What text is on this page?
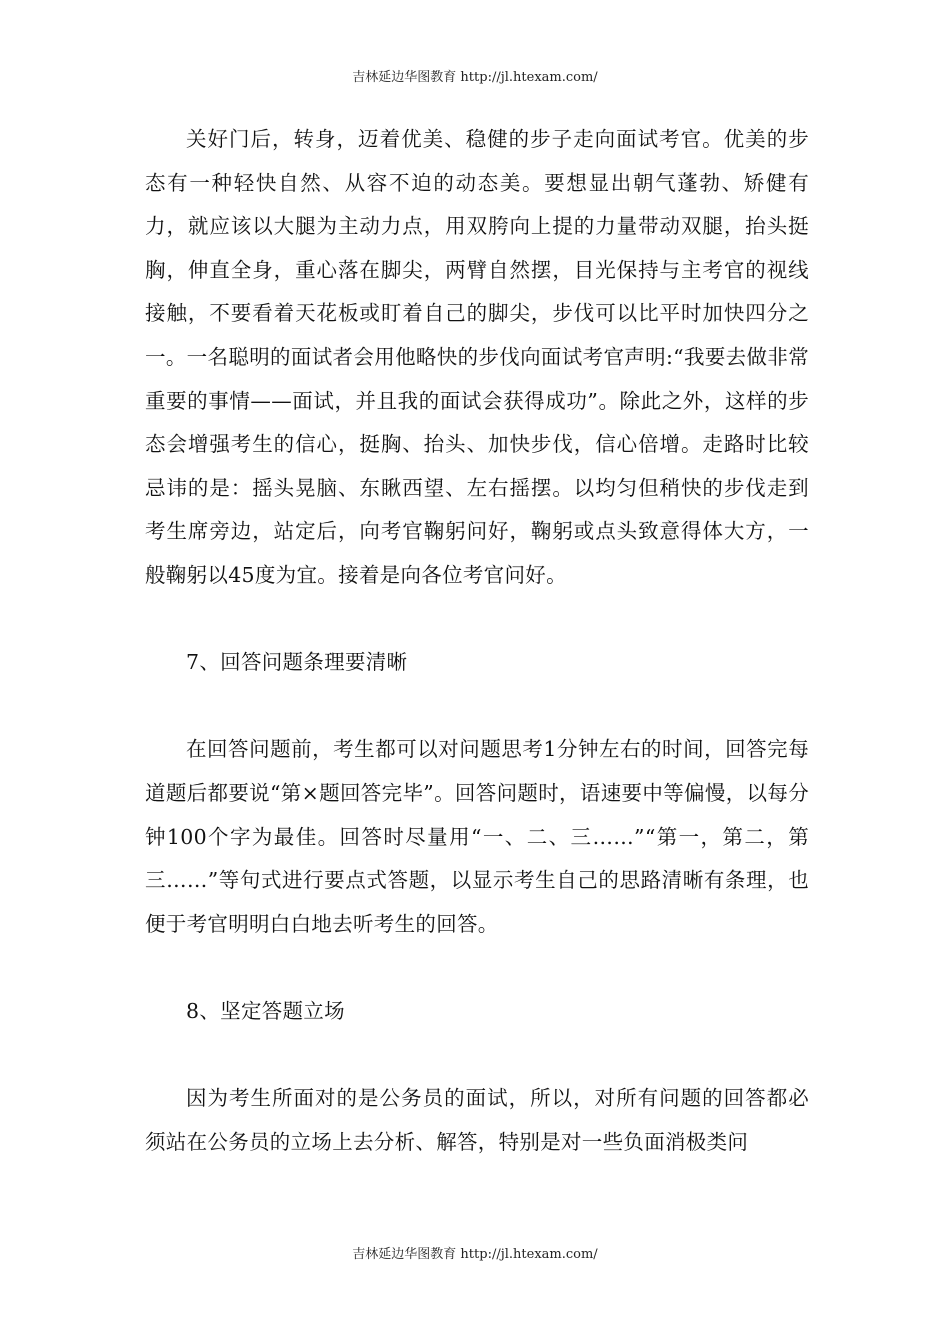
吉林延边华图教育 http://jl.htexam.com/

关好门后，转身，迈着优美、稳健的步子走向面试考官。优美的步态有一种轻快自然、从容不迫的动态美。要想显出朝气蓬勃、矫健有力，就应该以大腿为主动力点，用双胯向上提的力量带动双腿，抬头挺胸，伸直全身，重心落在脚尖，两臂自然摆，目光保持与主考官的视线接触，不要看着天花板或盯着自己的脚尖，步伐可以比平时加快四分之一。一名聪明的面试者会用他略快的步伐向面试考官声明:“我要去做非常重要的事情——面试，并且我的面试会获得成功”。除此之外，这样的步态会增强考生的信心，挺胸、抬头、加快步伐，信心倍增。走路时比较忌讳的是：摇头晃脑、东瞅西望、左右摇摆。以均匀但稍快的步伐走到考生席旁边，站定后，向考官鞠躬问好，鞠躬或点头致意得体大方，一般鞠躬以45度为宜。接着是向各位考官问好。

7、回答问题条理要清晰

在回答问题前，考生都可以对问题思考1分钟左右的时间，回答完每道题后都要说“第×题回答完毕”。回答问题时，语速要中等偏慢，以每分钟100个字为最佳。回答时尽量用“一、二、三……”“第一，第二，第三……”等句式进行要点式答题，以显示考生自己的思路清晰有条理，也便于考官明明白白地去听考生的回答。

8、坚定答题立场

因为考生所面对的是公务员的面试，所以，对所有问题的回答都必须站在公务员的立场上去分析、解答，特别是对一些负面消极类问

吉林延边华图教育 http://jl.htexam.com/
